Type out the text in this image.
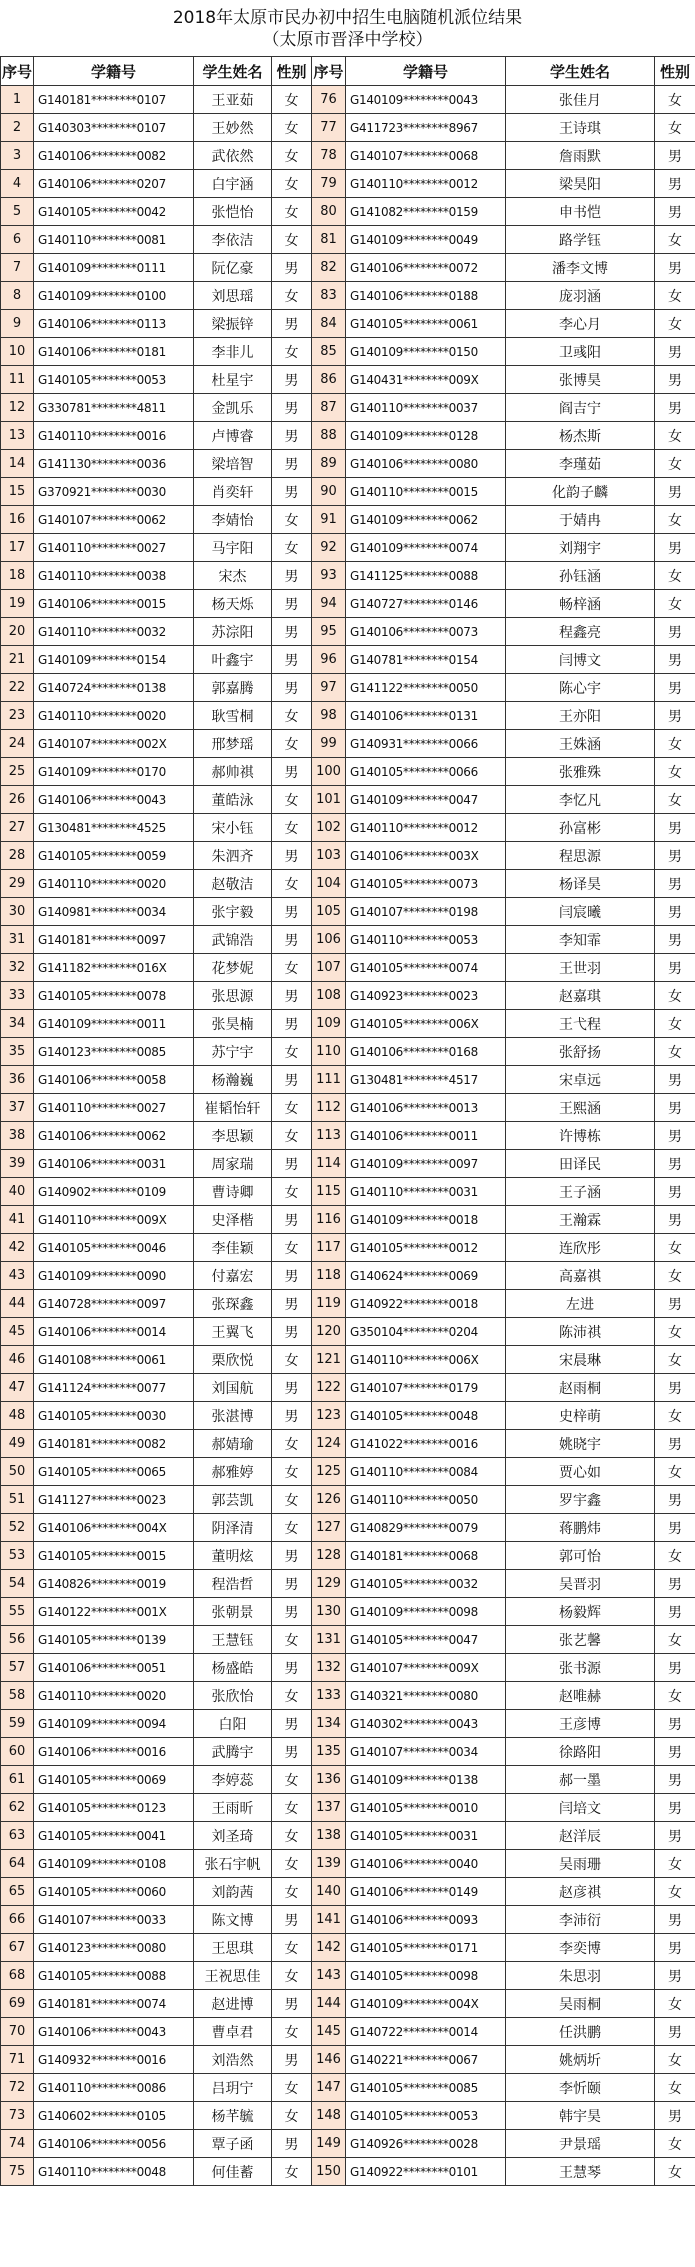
2018年太原市民办初中招生电脑随机派位结果
（太原市晋泽中学校）
序号	学籍号	学生姓名	性别	序号	学籍号	学生姓名	性别
1	G140181********0107	王亚茹	女	76	G140109********0043	张佳月	女
2	G140303********0107	王妙然	女	77	G411723********8967	王诗琪	女
3	G140106********0082	武依然	女	78	G140107********0068	詹雨默	男
4	G140106********0207	白宇涵	女	79	G140110********0012	梁昊阳	男
5	G140105********0042	张恺怡	女	80	G141082********0159	申书恺	男
6	G140110********0081	李依洁	女	81	G140109********0049	路学钰	女
7	G140109********0111	阮亿豪	男	82	G140106********0072	潘李文博	男
8	G140109********0100	刘思瑶	女	83	G140106********0188	庞羽涵	女
9	G140106********0113	梁振锌	男	84	G140105********0061	李心月	女
10	G140106********0181	李非儿	女	85	G140109********0150	卫彧阳	男
11	G140105********0053	杜星宇	男	86	G140431********009X	张博昊	男
12	G330781********4811	金凯乐	男	87	G140110********0037	阎吉宁	男
13	G140110********0016	卢博睿	男	88	G140109********0128	杨杰斯	女
14	G141130********0036	梁培智	男	89	G140106********0080	李瑾茹	女
15	G370921********0030	肖奕轩	男	90	G140110********0015	化韵子麟	男
16	G140107********0062	李婧怡	女	91	G140109********0062	于婧冉	女
17	G140110********0027	马宇阳	女	92	G140109********0074	刘翔宇	男
18	G140110********0038	宋杰	男	93	G141125********0088	孙钰涵	女
19	G140106********0015	杨天烁	男	94	G140727********0146	畅梓涵	女
20	G140110********0032	苏淙阳	男	95	G140106********0073	程鑫亮	男
21	G140109********0154	叶鑫宇	男	96	G140781********0154	闫博文	男
22	G140724********0138	郭嘉腾	男	97	G141122********0050	陈心宇	男
23	G140110********0020	耿雪桐	女	98	G140106********0131	王亦阳	男
24	G140107********002X	邢梦瑶	女	99	G140931********0066	王姝涵	女
25	G140109********0170	郝帅祺	男	100	G140105********0066	张雅殊	女
26	G140106********0043	董皓泳	女	101	G140109********0047	李忆凡	女
27	G130481********4525	宋小钰	女	102	G140110********0012	孙富彬	男
28	G140105********0059	朱泗齐	男	103	G140106********003X	程思源	男
29	G140110********0020	赵敬洁	女	104	G140105********0073	杨译昊	男
30	G140981********0034	张宇毅	男	105	G140107********0198	闫宸曦	男
31	G140181********0097	武锦浩	男	106	G140110********0053	李知霏	男
32	G141182********016X	花梦妮	女	107	G140105********0074	王世羽	男
33	G140105********0078	张思源	男	108	G140923********0023	赵嘉琪	女
34	G140109********0011	张昊楠	男	109	G140105********006X	王弋程	女
35	G140123********0085	苏宁宇	女	110	G140106********0168	张舒扬	女
36	G140106********0058	杨瀚巍	男	111	G130481********4517	宋卓远	男
37	G140110********0027	崔韬怡轩	女	112	G140106********0013	王熙涵	男
38	G140106********0062	李思颖	女	113	G140106********0011	许博栋	男
39	G140106********0031	周家瑞	男	114	G140109********0097	田译民	男
40	G140902********0109	曹诗卿	女	115	G140110********0031	王子涵	男
41	G140110********009X	史泽楷	男	116	G140109********0018	王瀚霖	男
42	G140105********0046	李佳颖	女	117	G140105********0012	连欣彤	女
43	G140109********0090	付嘉宏	男	118	G140624********0069	高嘉祺	女
44	G140728********0097	张琛鑫	男	119	G140922********0018	左进	男
45	G140106********0014	王翼飞	男	120	G350104********0204	陈沛祺	女
46	G140108********0061	栗欣悦	女	121	G140110********006X	宋晨琳	女
47	G141124********0077	刘国航	男	122	G140107********0179	赵雨桐	男
48	G140105********0030	张湛博	男	123	G140105********0048	史梓萌	女
49	G140181********0082	郝婧瑜	女	124	G141022********0016	姚晓宇	男
50	G140105********0065	郝雅婷	女	125	G140110********0084	贾心如	女
51	G141127********0023	郭芸凯	女	126	G140110********0050	罗宇鑫	男
52	G140106********004X	阴泽清	女	127	G140829********0079	蒋鹏炜	男
53	G140105********0015	董明炫	男	128	G140181********0068	郭可怡	女
54	G140826********0019	程浩哲	男	129	G140105********0032	吴晋羽	男
55	G140122********001X	张朝景	男	130	G140109********0098	杨毅辉	男
56	G140105********0139	王慧钰	女	131	G140105********0047	张艺馨	女
57	G140106********0051	杨盛皓	男	132	G140107********009X	张书源	男
58	G140110********0020	张欣怡	女	133	G140321********0080	赵唯赫	女
59	G140109********0094	白阳	男	134	G140302********0043	王彦博	男
60	G140106********0016	武腾宇	男	135	G140107********0034	徐路阳	男
61	G140105********0069	李婷蕊	女	136	G140109********0138	郝一墨	男
62	G140105********0123	王雨昕	女	137	G140105********0010	闫培文	男
63	G140105********0041	刘圣琦	女	138	G140105********0031	赵洋辰	男
64	G140109********0108	张石宇帆	女	139	G140106********0040	吴雨珊	女
65	G140105********0060	刘韵茜	女	140	G140106********0149	赵彦祺	女
66	G140107********0033	陈文博	男	141	G140106********0093	李沛衍	男
67	G140123********0080	王思琪	女	142	G140105********0171	李奕博	男
68	G140105********0088	王祝思佳	女	143	G140105********0098	朱思羽	男
69	G140181********0074	赵进博	男	144	G140109********004X	吴雨桐	女
70	G140106********0043	曹卓君	女	145	G140722********0014	任洪鹏	男
71	G140932********0016	刘浩然	男	146	G140221********0067	姚炳圻	女
72	G140110********0086	吕玥宁	女	147	G140105********0085	李忻颐	女
73	G140602********0105	杨芊毓	女	148	G140105********0053	韩宇昊	男
74	G140106********0056	覃子函	男	149	G140926********0028	尹景瑶	女
75	G140110********0048	何佳蓄	女	150	G140922********0101	王慧琴	女
